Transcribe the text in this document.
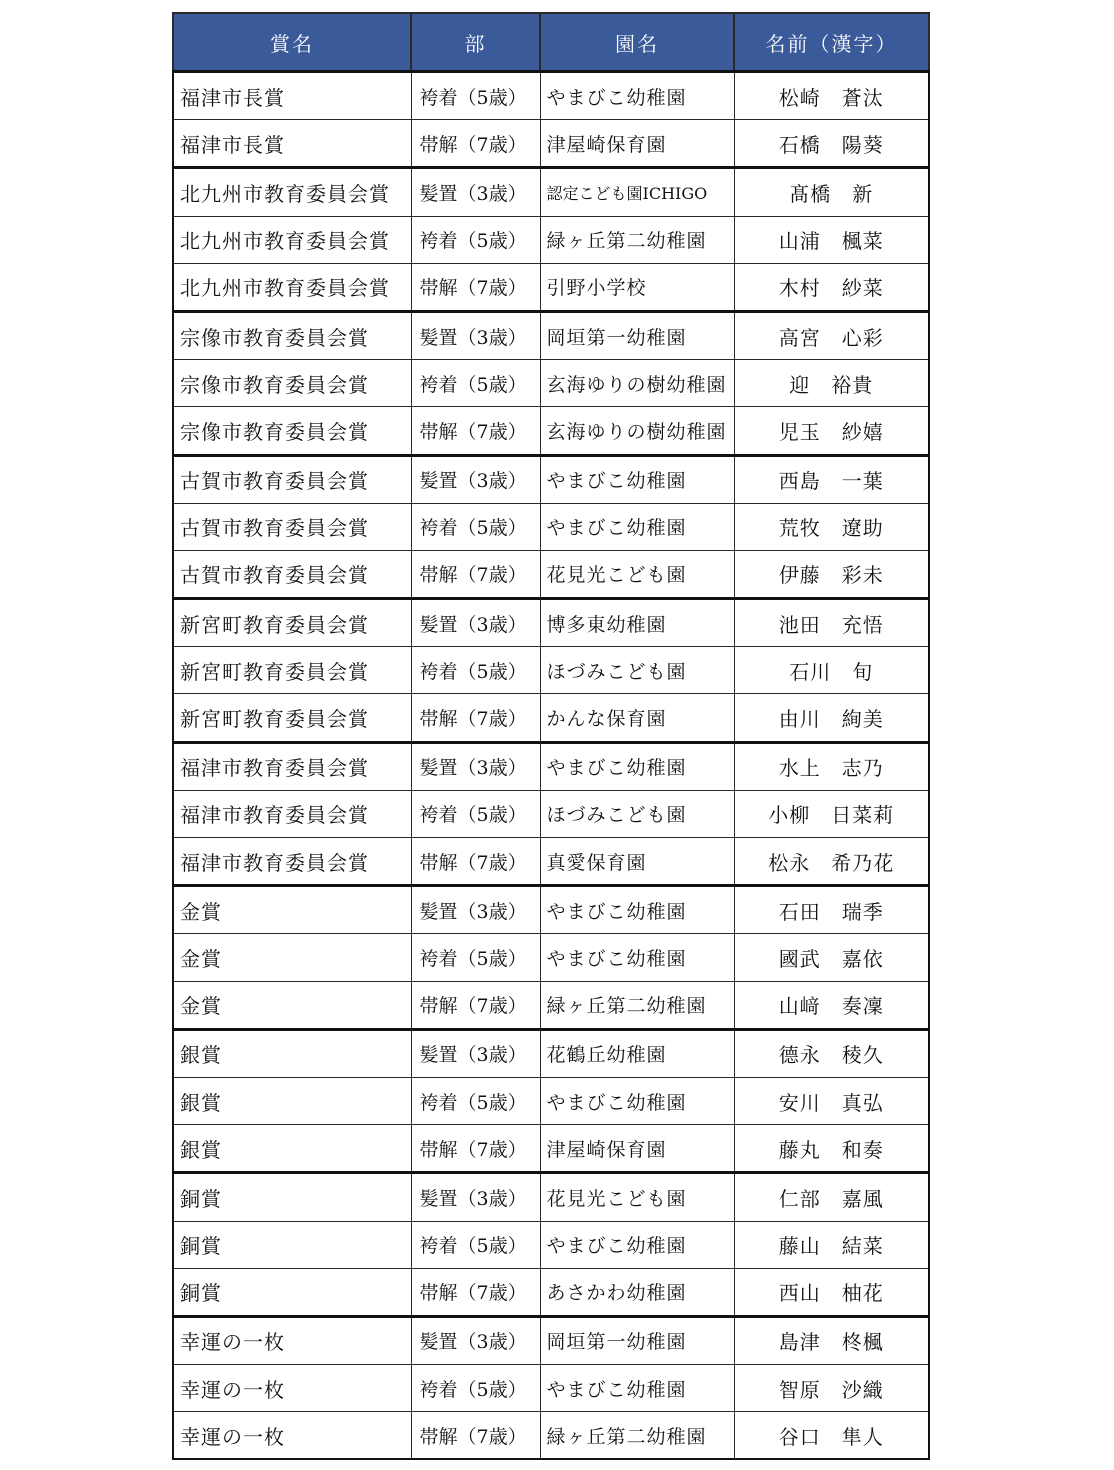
賞名	部	園名	名前（漢字）
福津市長賞	袴着（5歳）	やまびこ幼稚園	松崎　蒼汰
福津市長賞	帯解（7歳）	津屋崎保育園	石橋　陽葵
北九州市教育委員会賞	髪置（3歳）	認定こども園ICHIGO	髙橋　新
北九州市教育委員会賞	袴着（5歳）	緑ヶ丘第二幼稚園	山浦　楓菜
北九州市教育委員会賞	帯解（7歳）	引野小学校	木村　紗菜
宗像市教育委員会賞	髪置（3歳）	岡垣第一幼稚園	高宮　心彩
宗像市教育委員会賞	袴着（5歳）	玄海ゆりの樹幼稚園	迎　裕貴
宗像市教育委員会賞	帯解（7歳）	玄海ゆりの樹幼稚園	児玉　紗嬉
古賀市教育委員会賞	髪置（3歳）	やまびこ幼稚園	西島　一葉
古賀市教育委員会賞	袴着（5歳）	やまびこ幼稚園	荒牧　遼助
古賀市教育委員会賞	帯解（7歳）	花見光こども園	伊藤　彩未
新宮町教育委員会賞	髪置（3歳）	博多東幼稚園	池田　充悟
新宮町教育委員会賞	袴着（5歳）	ほづみこども園	石川　旬
新宮町教育委員会賞	帯解（7歳）	かんな保育園	由川　絢美
福津市教育委員会賞	髪置（3歳）	やまびこ幼稚園	水上　志乃
福津市教育委員会賞	袴着（5歳）	ほづみこども園	小柳　日菜莉
福津市教育委員会賞	帯解（7歳）	真愛保育園	松永　希乃花
金賞	髪置（3歳）	やまびこ幼稚園	石田　瑞季
金賞	袴着（5歳）	やまびこ幼稚園	國武　嘉依
金賞	帯解（7歳）	緑ヶ丘第二幼稚園	山﨑　奏凜
銀賞	髪置（3歳）	花鶴丘幼稚園	德永　稜久
銀賞	袴着（5歳）	やまびこ幼稚園	安川　真弘
銀賞	帯解（7歳）	津屋崎保育園	藤丸　和奏
銅賞	髪置（3歳）	花見光こども園	仁部　嘉風
銅賞	袴着（5歳）	やまびこ幼稚園	藤山　結菜
銅賞	帯解（7歳）	あさかわ幼稚園	西山　柚花
幸運の一枚	髪置（3歳）	岡垣第一幼稚園	島津　柊楓
幸運の一枚	袴着（5歳）	やまびこ幼稚園	智原　沙織
幸運の一枚	帯解（7歳）	緑ヶ丘第二幼稚園	谷口　隼人
